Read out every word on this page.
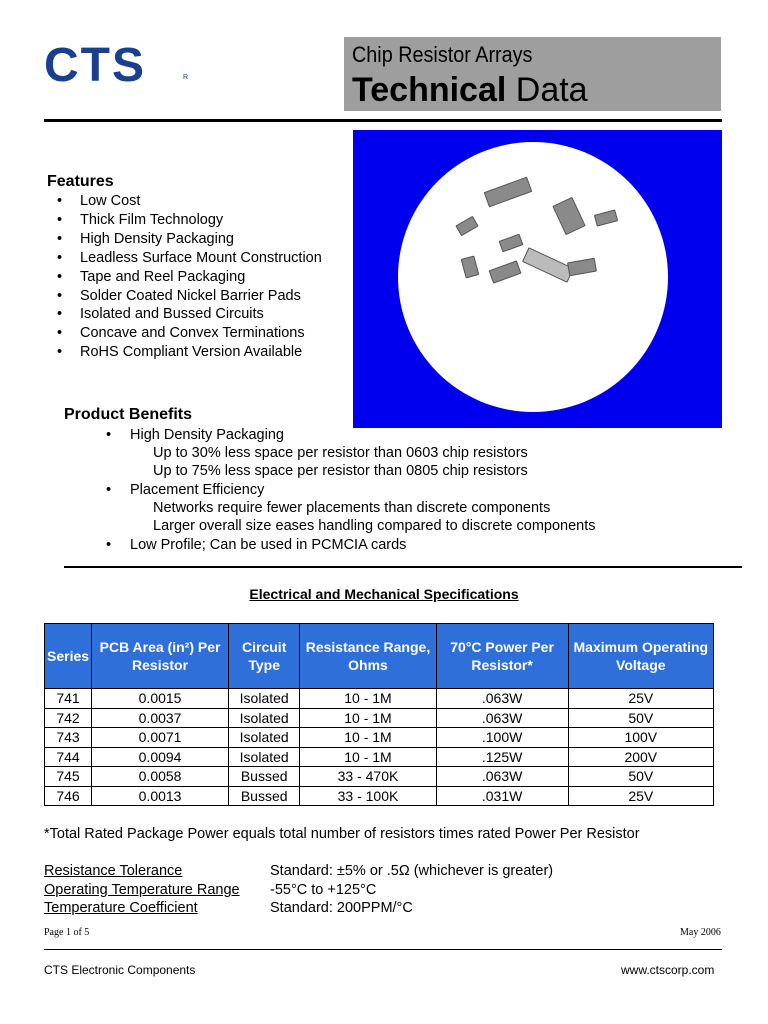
CTS	R
Chip Resistor Arrays
Technical Data
Features
• Low Cost
• Thick Film Technology
• High Density Packaging
• Leadless Surface Mount Construction
• Tape and Reel Packaging
• Solder Coated Nickel Barrier Pads
• Isolated and Bussed Circuits
• Concave and Convex Terminations
• RoHS Compliant Version Available
Product Benefits
• High Density Packaging
Up to 30% less space per resistor than 0603 chip resistors
Up to 75% less space per resistor than 0805 chip resistors
• Placement Efficiency
Networks require fewer placements than discrete components
Larger overall size eases handling compared to discrete components
• Low Profile; Can be used in PCMCIA cards
Electrical and Mechanical Specifications
Series	PCB Area (in²) Per Resistor	Circuit Type	Resistance Range, Ohms	70°C Power Per Resistor*	Maximum Operating Voltage
741	0.0015	Isolated	10 - 1M	.063W	25V
742	0.0037	Isolated	10 - 1M	.063W	50V
743	0.0071	Isolated	10 - 1M	.100W	100V
744	0.0094	Isolated	10 - 1M	.125W	200V
745	0.0058	Bussed	33 - 470K	.063W	50V
746	0.0013	Bussed	33 - 100K	.031W	25V
*Total Rated Package Power equals total number of resistors times rated Power Per Resistor
Resistance Tolerance	Standard: ±5% or .5Ω (whichever is greater)
Operating Temperature Range -55°C to +125°C
Temperature Coefficient	Standard: 200PPM/°C
Page 1 of 5	May 2006
CTS Electronic Components	www.ctscorp.com
